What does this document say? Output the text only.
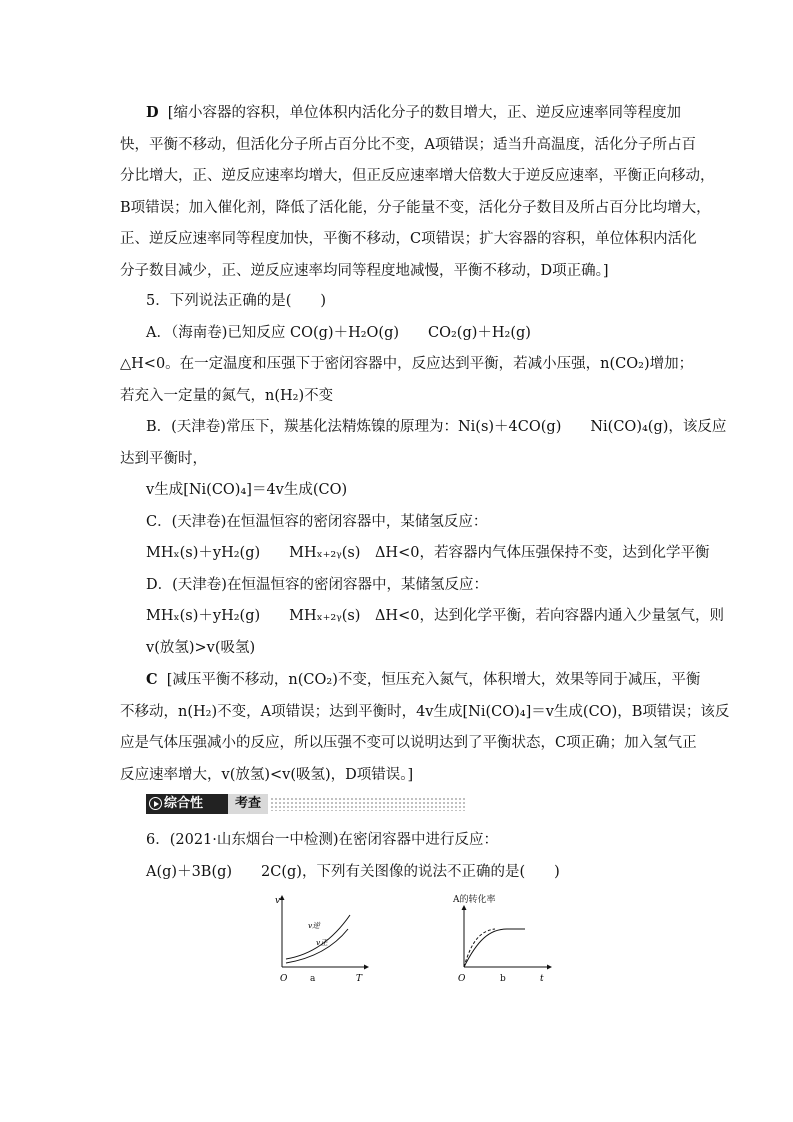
D [缩小容器的容积，单位体积内活化分子的数目增大，正、逆反应速率同等程度加
快，平衡不移动，但活化分子所占百分比不变，A项错误；适当升高温度，活化分子所占百
分比增大，正、逆反应速率均增大，但正反应速率增大倍数大于逆反应速率，平衡正向移动，
B项错误；加入催化剂，降低了活化能，分子能量不变，活化分子数目及所占百分比均增大，
正、逆反应速率同等程度加快，平衡不移动，C项错误；扩大容器的容积，单位体积内活化
分子数目减少，正、逆反应速率均同等程度地减慢，平衡不移动，D项正确。]
5．下列说法正确的是(　　)
A．（海南卷)已知反应 CO(g)＋H₂O(g)　　CO₂(g)＋H₂(g)
△H<0。在一定温度和压强下于密闭容器中，反应达到平衡，若减小压强，n(CO₂)增加；
若充入一定量的氮气，n(H₂)不变
B．(天津卷)常压下，羰基化法精炼镍的原理为：Ni(s)＋4CO(g)　　Ni(CO)₄(g)，该反应
达到平衡时，
v生成[Ni(CO)₄]＝4v生成(CO)
C．(天津卷)在恒温恒容的密闭容器中，某储氢反应：
MHₓ(s)＋yH₂(g)　　MHₓ₊₂ᵧ(s)　ΔH<0，若容器内气体压强保持不变，达到化学平衡
D．(天津卷)在恒温恒容的密闭容器中，某储氢反应：
MHₓ(s)＋yH₂(g)　　MHₓ₊₂ᵧ(s)　ΔH<0，达到化学平衡，若向容器内通入少量氢气，则
v(放氢)>v(吸氢)
C [减压平衡不移动，n(CO₂)不变，恒压充入氮气，体积增大，效果等同于减压，平衡
不移动，n(H₂)不变，A项错误；达到平衡时，4v生成[Ni(CO)₄]＝v生成(CO)，B项错误；该反
应是气体压强减小的反应，所以压强不变可以说明达到了平衡状态，C项正确；加入氢气正
反应速率增大，v(放氢)<v(吸氢)，D项错误。]
综合性	考查
6．(2021·山东烟台一中检测)在密闭容器中进行反应：
A(g)＋3B(g)　　2C(g)，下列有关图像的说法不正确的是(　　)
v
O	T
v逆
v正
a	O	t
A的转化率
b
